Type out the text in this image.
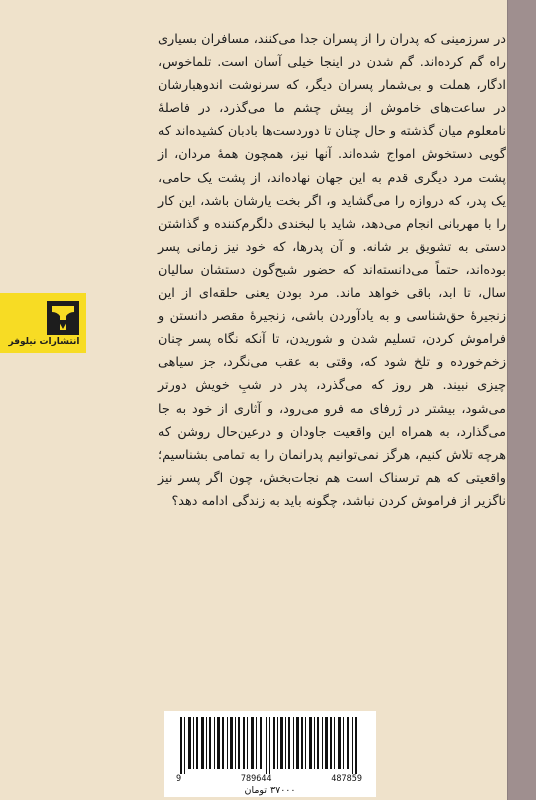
انتشارات نیلوفر

در سرزمینی که پدران را از پسران جدا می‌کنند، مسافران بسیاری راه گم کرده‌اند. گم شدن در اینجا خیلی آسان است. تلماخوس، ادگار، هملت و بی‌شمار پسران دیگر، که سرنوشت اندوهبارشان در ساعت‌های خاموش از پیش چشم ما می‌گذرد، در فاصلهٔ نامعلوم میان گذشته و حال چنان تا دوردست‌ها بادبان کشیده‌اند که گویی دستخوش امواج شده‌اند. آنها نیز، همچون همهٔ مردان، از پشت مرد دیگری قدم به این جهان نهاده‌اند، از پشت یک حامی، یک پدر، که دروازه را می‌گشاید و، اگر بخت یارشان باشد، این کار را با مهربانی انجام می‌دهد، شاید با لبخندی دلگرم‌کننده و گذاشتن دستی به تشویق بر شانه. و آن پدرها، که خود نیز زمانی پسر بوده‌اند، حتماً می‌دانسته‌اند که حضور شبح‌گون دستشان سالیان سال، تا ابد، باقی خواهد ماند. مرد بودن یعنی حلقه‌ای از این زنجیرهٔ حق‌شناسی و به یادآوردن باشی، زنجیرهٔ مقصر دانستن و فراموش کردن، تسلیم شدن و شوریدن، تا آنکه نگاه پسر چنان زخم‌خورده و تلخ شود که، وقتی به عقب می‌نگرد، جز سیاهی چیزی نبیند. هر روز که می‌گذرد، پدر در شبِ خویش دورتر می‌شود، بیشتر در ژرفای مه فرو می‌رود، و آثاری از خود به جا می‌گذارد، به همراه این واقعیت جاودان و درعین‌حال روشن که هرچه تلاش کنیم، هرگز نمی‌توانیم پدرانمان را به تمامی بشناسیم؛ واقعیتی که هم ترسناک است هم نجات‌بخش، چون اگر پسر نیز ناگزیر از فراموش کردن نباشد، چگونه باید به زندگی ادامه دهد؟

9	789644	487859
۳۷۰۰۰ تومان
